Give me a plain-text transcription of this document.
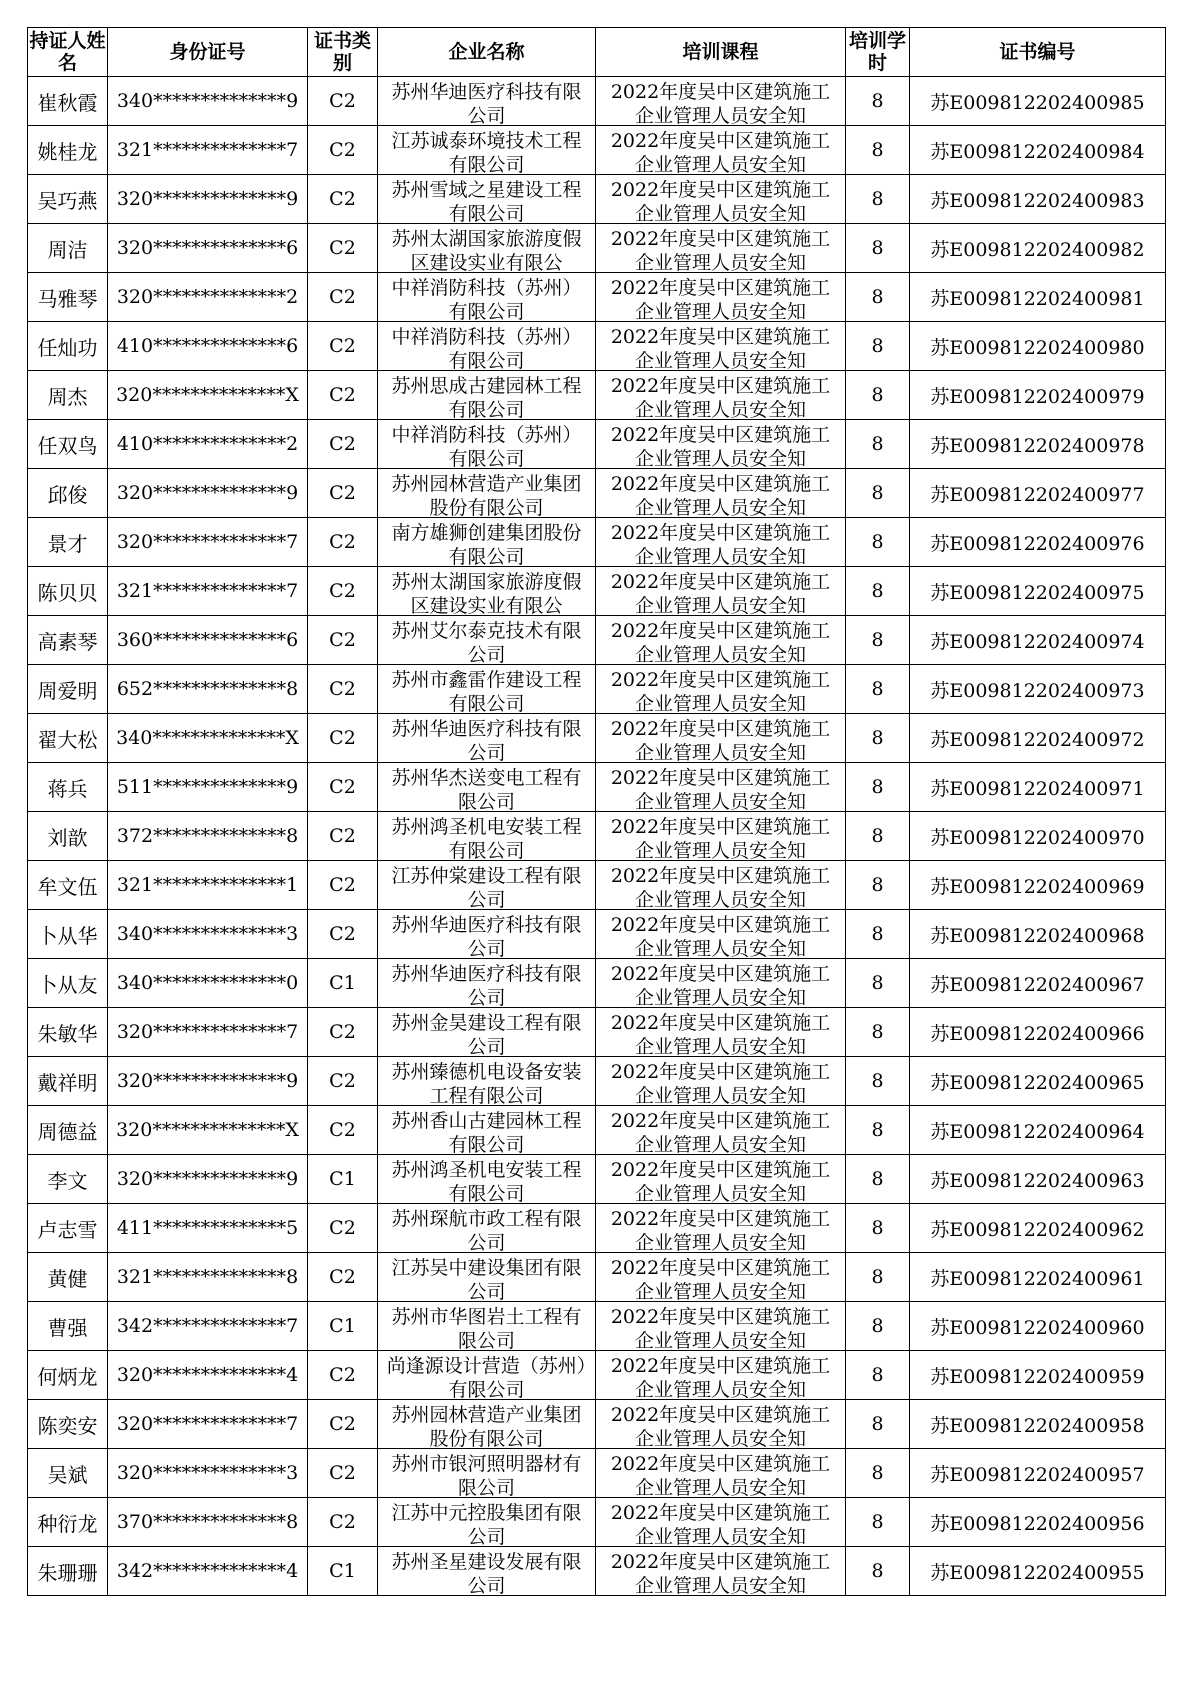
持证人姓名	身份证号	证书类别	企业名称	培训课程	培训学时	证书编号
崔秋霞	340**************9	C2	苏州华迪医疗科技有限公司	2022年度吴中区建筑施工企业管理人员安全知	8	苏E009812202400985
姚桂龙	321**************7	C2	江苏诚泰环境技术工程有限公司	2022年度吴中区建筑施工企业管理人员安全知	8	苏E009812202400984
吴巧燕	320**************9	C2	苏州雪域之星建设工程有限公司	2022年度吴中区建筑施工企业管理人员安全知	8	苏E009812202400983
周洁	320**************6	C2	苏州太湖国家旅游度假区建设实业有限公	2022年度吴中区建筑施工企业管理人员安全知	8	苏E009812202400982
马雅琴	320**************2	C2	中祥消防科技（苏州）有限公司	2022年度吴中区建筑施工企业管理人员安全知	8	苏E009812202400981
任灿功	410**************6	C2	中祥消防科技（苏州）有限公司	2022年度吴中区建筑施工企业管理人员安全知	8	苏E009812202400980
周杰	320**************X	C2	苏州思成古建园林工程有限公司	2022年度吴中区建筑施工企业管理人员安全知	8	苏E009812202400979
任双鸟	410**************2	C2	中祥消防科技（苏州）有限公司	2022年度吴中区建筑施工企业管理人员安全知	8	苏E009812202400978
邱俊	320**************9	C2	苏州园林营造产业集团股份有限公司	2022年度吴中区建筑施工企业管理人员安全知	8	苏E009812202400977
景才	320**************7	C2	南方雄狮创建集团股份有限公司	2022年度吴中区建筑施工企业管理人员安全知	8	苏E009812202400976
陈贝贝	321**************7	C2	苏州太湖国家旅游度假区建设实业有限公	2022年度吴中区建筑施工企业管理人员安全知	8	苏E009812202400975
高素琴	360**************6	C2	苏州艾尔泰克技术有限公司	2022年度吴中区建筑施工企业管理人员安全知	8	苏E009812202400974
周爱明	652**************8	C2	苏州市鑫雷作建设工程有限公司	2022年度吴中区建筑施工企业管理人员安全知	8	苏E009812202400973
翟大松	340**************X	C2	苏州华迪医疗科技有限公司	2022年度吴中区建筑施工企业管理人员安全知	8	苏E009812202400972
蒋兵	511**************9	C2	苏州华杰送变电工程有限公司	2022年度吴中区建筑施工企业管理人员安全知	8	苏E009812202400971
刘歆	372**************8	C2	苏州鸿圣机电安装工程有限公司	2022年度吴中区建筑施工企业管理人员安全知	8	苏E009812202400970
牟文伍	321**************1	C2	江苏仲棠建设工程有限公司	2022年度吴中区建筑施工企业管理人员安全知	8	苏E009812202400969
卜从华	340**************3	C2	苏州华迪医疗科技有限公司	2022年度吴中区建筑施工企业管理人员安全知	8	苏E009812202400968
卜从友	340**************0	C1	苏州华迪医疗科技有限公司	2022年度吴中区建筑施工企业管理人员安全知	8	苏E009812202400967
朱敏华	320**************7	C2	苏州金昊建设工程有限公司	2022年度吴中区建筑施工企业管理人员安全知	8	苏E009812202400966
戴祥明	320**************9	C2	苏州臻德机电设备安装工程有限公司	2022年度吴中区建筑施工企业管理人员安全知	8	苏E009812202400965
周德益	320**************X	C2	苏州香山古建园林工程有限公司	2022年度吴中区建筑施工企业管理人员安全知	8	苏E009812202400964
李文	320**************9	C1	苏州鸿圣机电安装工程有限公司	2022年度吴中区建筑施工企业管理人员安全知	8	苏E009812202400963
卢志雪	411**************5	C2	苏州琛航市政工程有限公司	2022年度吴中区建筑施工企业管理人员安全知	8	苏E009812202400962
黄健	321**************8	C2	江苏吴中建设集团有限公司	2022年度吴中区建筑施工企业管理人员安全知	8	苏E009812202400961
曹强	342**************7	C1	苏州市华图岩土工程有限公司	2022年度吴中区建筑施工企业管理人员安全知	8	苏E009812202400960
何炳龙	320**************4	C2	尚逢源设计营造（苏州）有限公司	2022年度吴中区建筑施工企业管理人员安全知	8	苏E009812202400959
陈奕安	320**************7	C2	苏州园林营造产业集团股份有限公司	2022年度吴中区建筑施工企业管理人员安全知	8	苏E009812202400958
吴斌	320**************3	C2	苏州市银河照明器材有限公司	2022年度吴中区建筑施工企业管理人员安全知	8	苏E009812202400957
种衍龙	370**************8	C2	江苏中元控股集团有限公司	2022年度吴中区建筑施工企业管理人员安全知	8	苏E009812202400956
朱珊珊	342**************4	C1	苏州圣星建设发展有限公司	2022年度吴中区建筑施工企业管理人员安全知	8	苏E009812202400955
